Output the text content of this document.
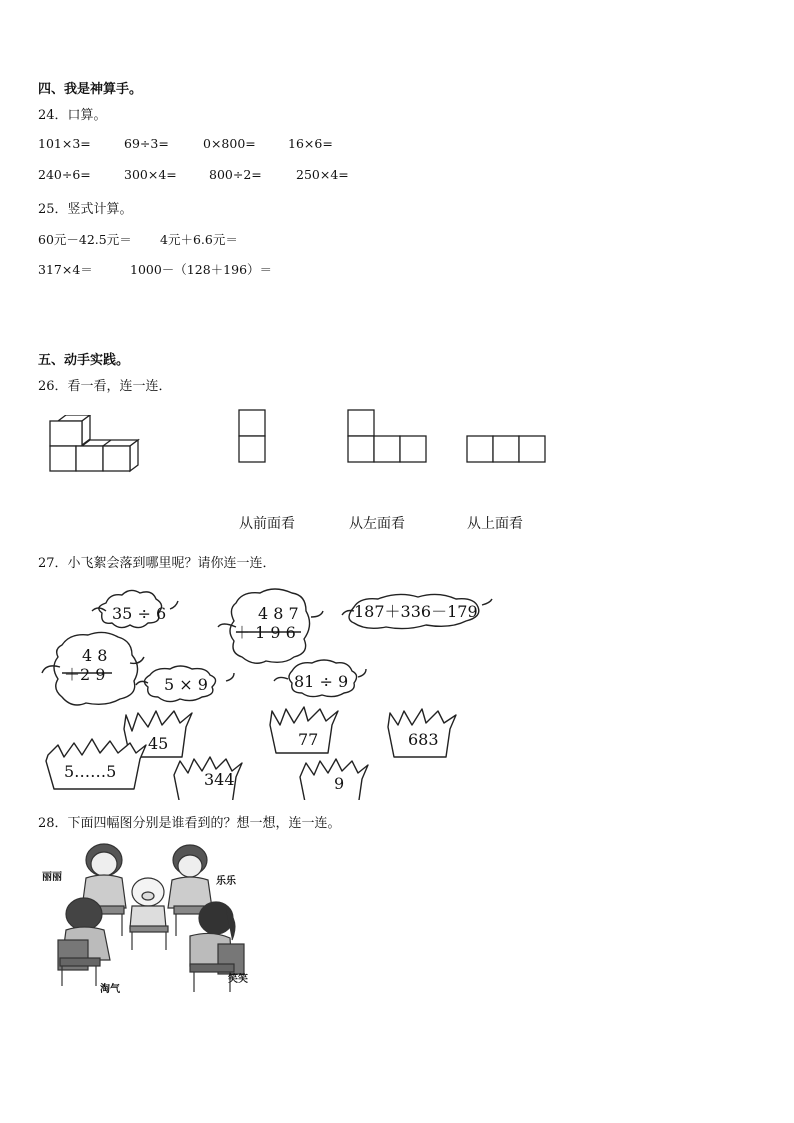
四、我是神算手。
24．口算。
101×3=	69÷3=	0×800=	16×6=
240÷6=	300×4=	800÷2=	250×4=
25．竖式计算。
60元－42.5元＝ 4元＋6.6元＝
317×4＝	1000－（128＋196）＝
五、动手实践。
26．看一看，连一连．
从前面看	从左面看	从上面看
27．小飞絮会落到哪里呢？请你连一连．
35 ÷ 6	4 8 7
＋ 1 9 6
187＋336－179
4 8
＋2 9
5 × 9	81 ÷ 9
45	77	683
5……5	344	9
28．下面四幅图分别是谁看到的？想一想，连一连。
丽丽	乐乐
淘气
笑笑
